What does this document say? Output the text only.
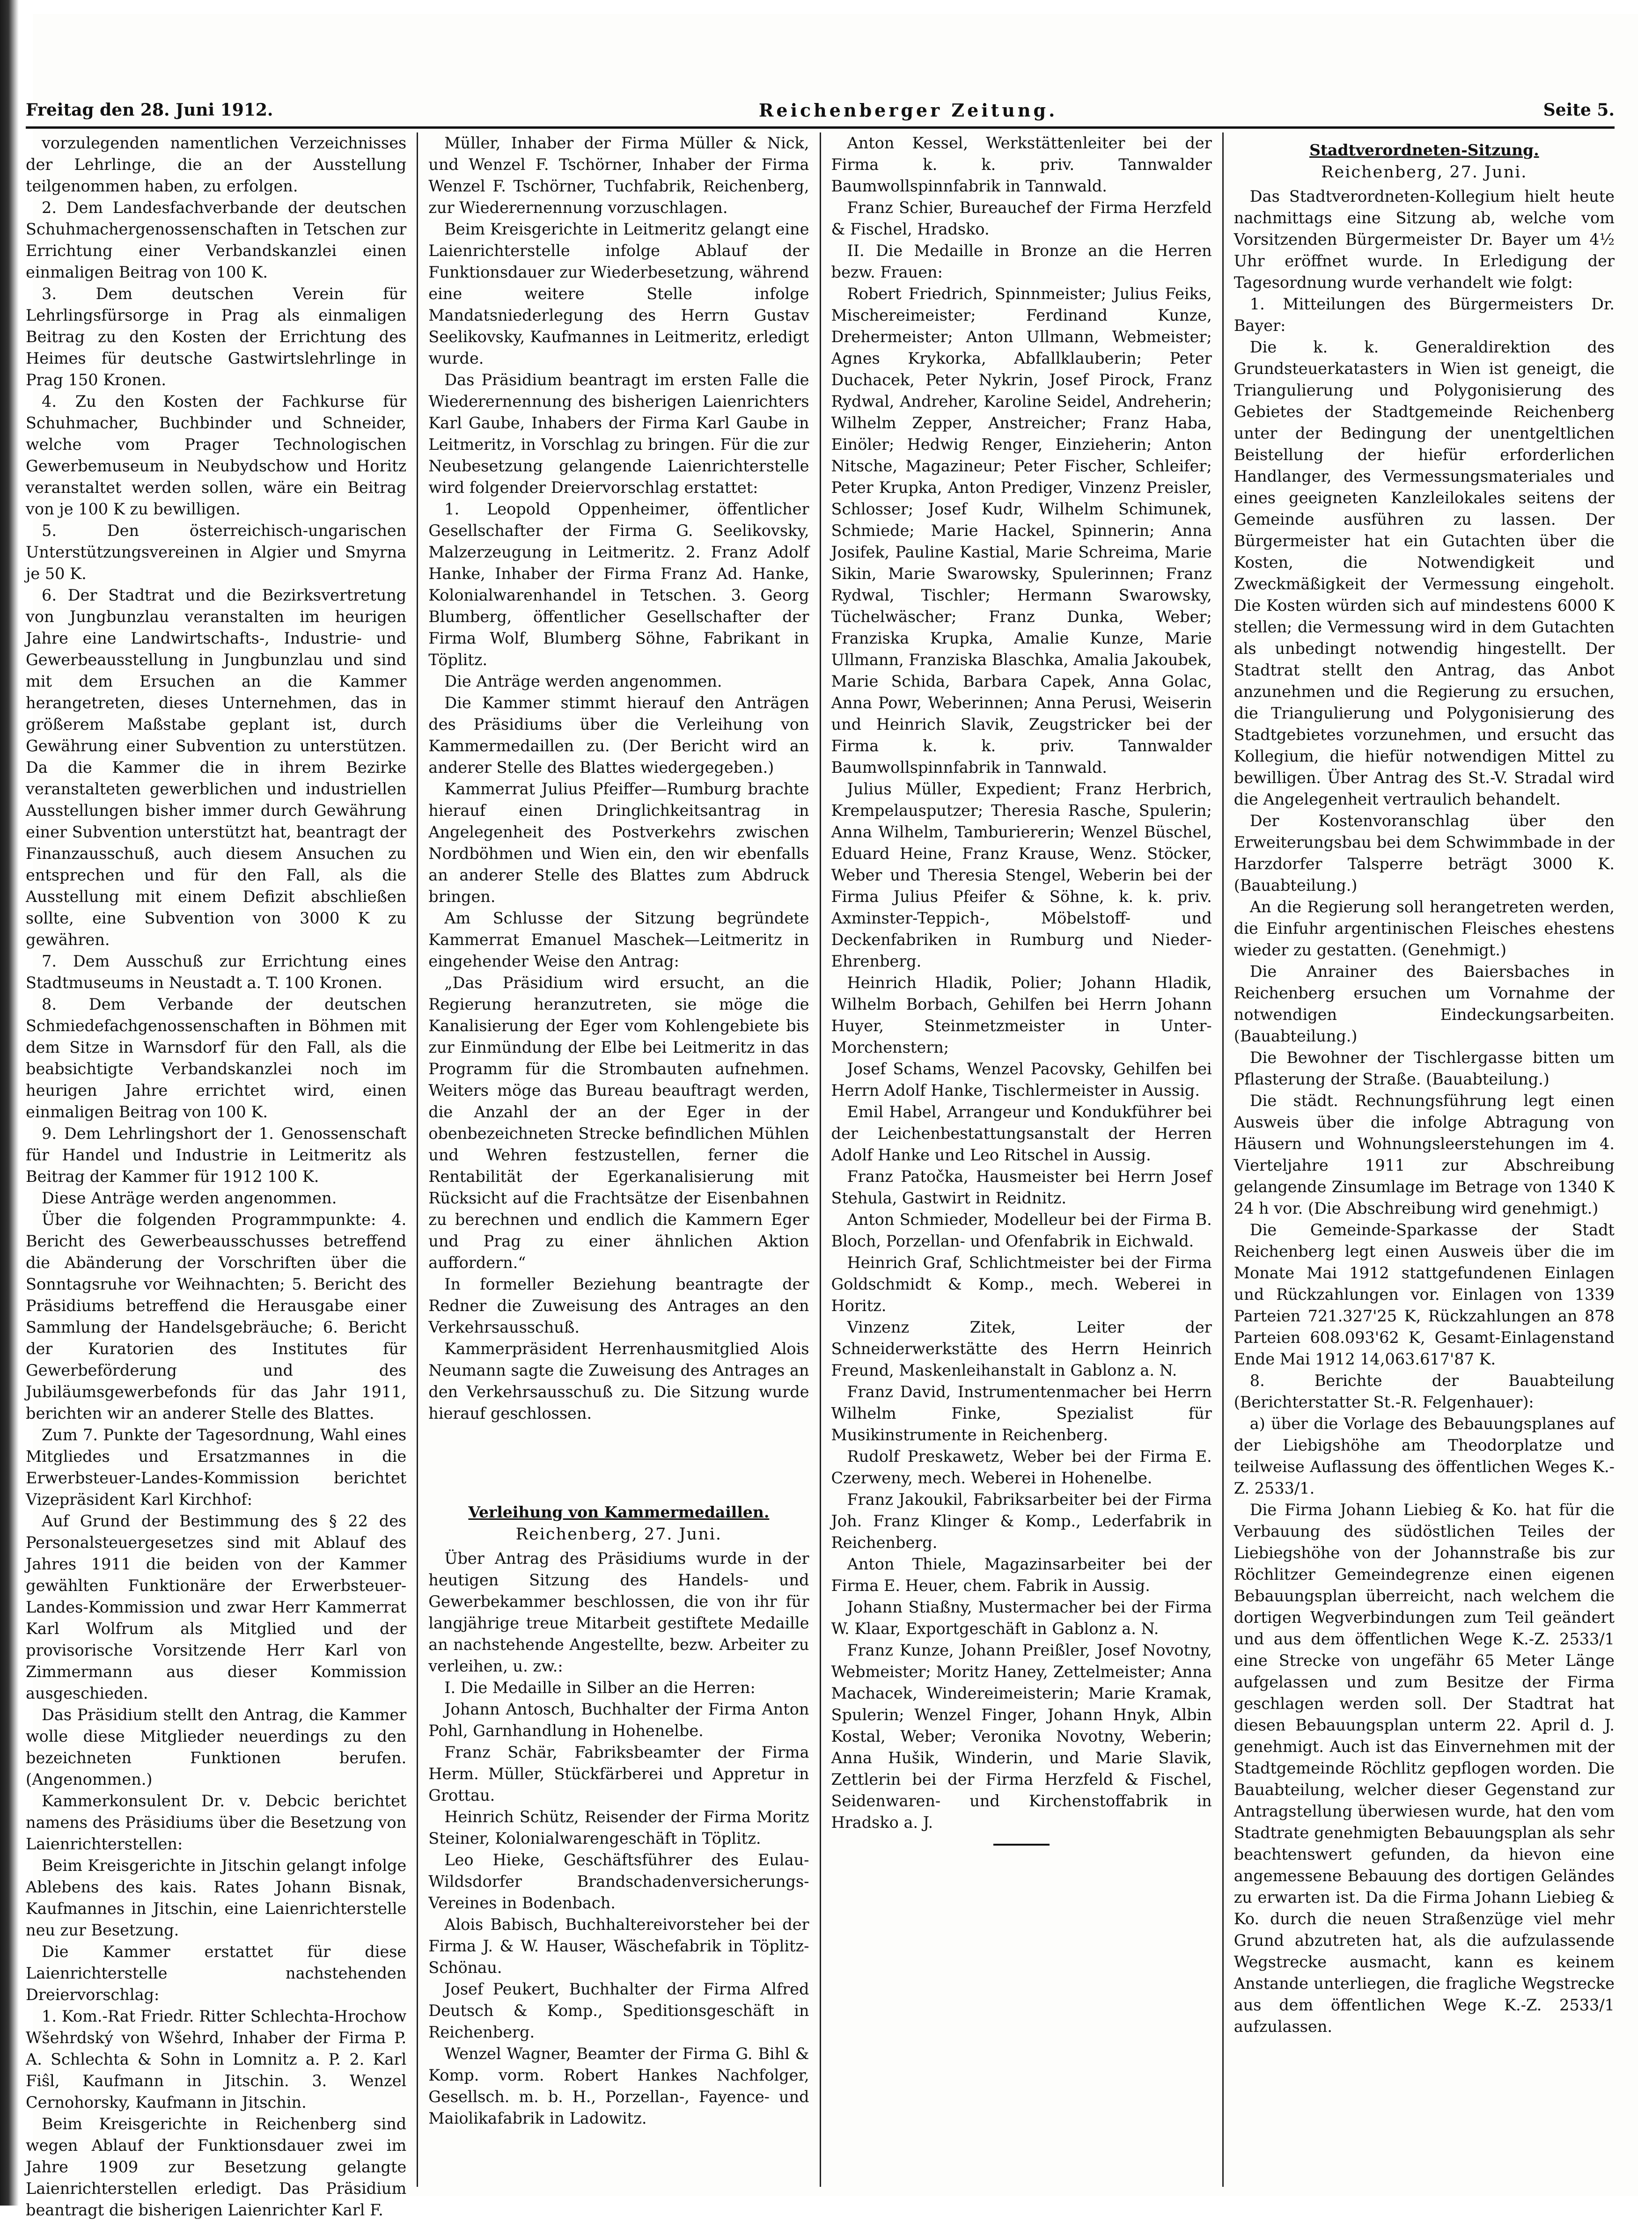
Freitag den 28. Juni 1912.	Reichenberger Zeitung.	Seite 5.

vorzulegenden namentlichen Verzeichnisses der Lehrlinge, die an der Ausstellung teilgenommen haben, zu erfolgen.

2. Dem Landesfachverbande der deutschen Schuhmachergenossenschaften in Tetschen zur Errichtung einer Verbandskanzlei einen einmaligen Beitrag von 100 K.

3. Dem deutschen Verein für Lehrlingsfürsorge in Prag als einmaligen Beitrag zu den Kosten der Errichtung des Heimes für deutsche Gastwirtslehrlinge in Prag 150 Kronen.

4. Zu den Kosten der Fachkurse für Schuhmacher, Buchbinder und Schneider, welche vom Prager Technologischen Gewerbemuseum in Neubydschow und Horitz veranstaltet werden sollen, wäre ein Beitrag von je 100 K zu bewilligen.

5. Den österreichisch-ungarischen Unterstützungsvereinen in Algier und Smyrna je 50 K.

6. Der Stadtrat und die Bezirksvertretung von Jungbunzlau veranstalten im heurigen Jahre eine Landwirtschafts-, Industrie- und Gewerbeausstellung in Jungbunzlau und sind mit dem Ersuchen an die Kammer herangetreten, dieses Unternehmen, das in größerem Maßstabe geplant ist, durch Gewährung einer Subvention zu unterstützen. Da die Kammer die in ihrem Bezirke veranstalteten gewerblichen und industriellen Ausstellungen bisher immer durch Gewährung einer Subvention unterstützt hat, beantragt der Finanzausschuß, auch diesem Ansuchen zu entsprechen und für den Fall, als die Ausstellung mit einem Defizit abschließen sollte, eine Subvention von 3000 K zu gewähren.

7. Dem Ausschuß zur Errichtung eines Stadtmuseums in Neustadt a. T. 100 Kronen.

8. Dem Verbande der deutschen Schmiedefachgenossenschaften in Böhmen mit dem Sitze in Warnsdorf für den Fall, als die beabsichtigte Verbandskanzlei noch im heurigen Jahre errichtet wird, einen einmaligen Beitrag von 100 K.

9. Dem Lehrlingshort der 1. Genossenschaft für Handel und Industrie in Leitmeritz als Beitrag der Kammer für 1912 100 K.

Diese Anträge werden angenommen.

Über die folgenden Programmpunkte: 4. Bericht des Gewerbeausschusses betreffend die Abänderung der Vorschriften über die Sonntagsruhe vor Weihnachten; 5. Bericht des Präsidiums betreffend die Herausgabe einer Sammlung der Handelsgebräuche; 6. Bericht der Kuratorien des Institutes für Gewerbeförderung und des Jubiläumsgewerbefonds für das Jahr 1911, berichten wir an anderer Stelle des Blattes.

Zum 7. Punkte der Tagesordnung, Wahl eines Mitgliedes und Ersatzmannes in die Erwerbsteuer-Landes-Kommission berichtet Vizepräsident Karl Kirchhof:

Auf Grund der Bestimmung des § 22 des Personalsteuergesetzes sind mit Ablauf des Jahres 1911 die beiden von der Kammer gewählten Funktionäre der Erwerbsteuer-Landes-Kommission und zwar Herr Kammerrat Karl Wolfrum als Mitglied und der provisorische Vorsitzende Herr Karl von Zimmermann aus dieser Kommission ausgeschieden.

Das Präsidium stellt den Antrag, die Kammer wolle diese Mitglieder neuerdings zu den bezeichneten Funktionen berufen. (Angenommen.)

Kammerkonsulent Dr. v. Debcic berichtet namens des Präsidiums über die Besetzung von Laienrichterstellen:

Beim Kreisgerichte in Jitschin gelangt infolge Ablebens des kais. Rates Johann Bisnak, Kaufmannes in Jitschin, eine Laienrichterstelle neu zur Besetzung.

Die Kammer erstattet für diese Laienrichterstelle nachstehenden Dreiervorschlag:

1. Kom.-Rat Friedr. Ritter Schlechta-Hrochow Wšehrdský von Wšehrd, Inhaber der Firma P. A. Schlechta & Sohn in Lomnitz a. P. 2. Karl Fiŝl, Kaufmann in Jitschin. 3. Wenzel Cernohorsky, Kaufmann in Jitschin.

Beim Kreisgerichte in Reichenberg sind wegen Ablauf der Funktionsdauer zwei im Jahre 1909 zur Besetzung gelangte Laienrichterstellen erledigt. Das Präsidium beantragt die bisherigen Laienrichter Karl F.

Müller, Inhaber der Firma Müller & Nick, und Wenzel F. Tschörner, Inhaber der Firma Wenzel F. Tschörner, Tuchfabrik, Reichenberg, zur Wiederernennung vorzuschlagen.

Beim Kreisgerichte in Leitmeritz gelangt eine Laienrichterstelle infolge Ablauf der Funktionsdauer zur Wiederbesetzung, während eine weitere Stelle infolge Mandatsniederlegung des Herrn Gustav Seelikovsky, Kaufmannes in Leitmeritz, erledigt wurde.

Das Präsidium beantragt im ersten Falle die Wiederernennung des bisherigen Laienrichters Karl Gaube, Inhabers der Firma Karl Gaube in Leitmeritz, in Vorschlag zu bringen. Für die zur Neubesetzung gelangende Laienrichterstelle wird folgender Dreiervorschlag erstattet:

1. Leopold Oppenheimer, öffentlicher Gesellschafter der Firma G. Seelikovsky, Malzerzeugung in Leitmeritz. 2. Franz Adolf Hanke, Inhaber der Firma Franz Ad. Hanke, Kolonialwarenhandel in Tetschen. 3. Georg Blumberg, öffentlicher Gesellschafter der Firma Wolf, Blumberg Söhne, Fabrikant in Töplitz.

Die Anträge werden angenommen.

Die Kammer stimmt hierauf den Anträgen des Präsidiums über die Verleihung von Kammermedaillen zu. (Der Bericht wird an anderer Stelle des Blattes wiedergegeben.)

Kammerrat Julius Pfeiffer—Rumburg brachte hierauf einen Dringlichkeitsantrag in Angelegenheit des Postverkehrs zwischen Nordböhmen und Wien ein, den wir ebenfalls an anderer Stelle des Blattes zum Abdruck bringen.

Am Schlusse der Sitzung begründete Kammerrat Emanuel Maschek—Leitmeritz in eingehender Weise den Antrag:

„Das Präsidium wird ersucht, an die Regierung heranzutreten, sie möge die Kanalisierung der Eger vom Kohlengebiete bis zur Einmündung der Elbe bei Leitmeritz in das Programm für die Strombauten aufnehmen. Weiters möge das Bureau beauftragt werden, die Anzahl der an der Eger in der obenbezeichneten Strecke befindlichen Mühlen und Wehren festzustellen, ferner die Rentabilität der Egerkanalisierung mit Rücksicht auf die Frachtsätze der Eisenbahnen zu berechnen und endlich die Kammern Eger und Prag zu einer ähnlichen Aktion auffordern.“

In formeller Beziehung beantragte der Redner die Zuweisung des Antrages an den Verkehrsausschuß.

Kammerpräsident Herrenhausmitglied Alois Neumann sagte die Zuweisung des Antrages an den Verkehrsausschuß zu. Die Sitzung wurde hierauf geschlossen.

Verleihung von Kammermedaillen.
Reichenberg, 27. Juni.

Über Antrag des Präsidiums wurde in der heutigen Sitzung des Handels- und Gewerbekammer beschlossen, die von ihr für langjährige treue Mitarbeit gestiftete Medaille an nachstehende Angestellte, bezw. Arbeiter zu verleihen, u. zw.:

I. Die Medaille in Silber an die Herren:

Johann Antosch, Buchhalter der Firma Anton Pohl, Garnhandlung in Hohenelbe.

Franz Schär, Fabriksbeamter der Firma Herm. Müller, Stückfärberei und Appretur in Grottau.

Heinrich Schütz, Reisender der Firma Moritz Steiner, Kolonialwarengeschäft in Töplitz.

Leo Hieke, Geschäftsführer des Eulau-Wildsdorfer Brandschadenversicherungs-Vereines in Bodenbach.

Alois Babisch, Buchhaltereivorsteher bei der Firma J. & W. Hauser, Wäschefabrik in Töplitz-Schönau.

Josef Peukert, Buchhalter der Firma Alfred Deutsch & Komp., Speditionsgeschäft in Reichenberg.

Wenzel Wagner, Beamter der Firma G. Bihl & Komp. vorm. Robert Hankes Nachfolger, Gesellsch. m. b. H., Porzellan-, Fayence- und Maiolikafabrik in Ladowitz.

Anton Kessel, Werkstättenleiter bei der Firma k. k. priv. Tannwalder Baumwollspinnfabrik in Tannwald.

Franz Schier, Bureauchef der Firma Herzfeld & Fischel, Hradsko.

II. Die Medaille in Bronze an die Herren bezw. Frauen:

Robert Friedrich, Spinnmeister; Julius Feiks, Mischereimeister; Ferdinand Kunze, Drehermeister; Anton Ullmann, Webmeister; Agnes Krykorka, Abfallklauberin; Peter Duchacek, Peter Nykrin, Josef Pirock, Franz Rydwal, Andreher, Karoline Seidel, Andreherin; Wilhelm Zepper, Anstreicher; Franz Haba, Einöler; Hedwig Renger, Einzieherin; Anton Nitsche, Magazineur; Peter Fischer, Schleifer; Peter Krupka, Anton Prediger, Vinzenz Preisler, Schlosser; Josef Kudr, Wilhelm Schimunek, Schmiede; Marie Hackel, Spinnerin; Anna Josifek, Pauline Kastial, Marie Schreima, Marie Sikin, Marie Swarowsky, Spulerinnen; Franz Rydwal, Tischler; Hermann Swarowsky, Tüchelwäscher; Franz Dunka, Weber; Franziska Krupka, Amalie Kunze, Marie Ullmann, Franziska Blaschka, Amalia Jakoubek, Marie Schida, Barbara Capek, Anna Golac, Anna Powr, Weberinnen; Anna Perusi, Weiserin und Heinrich Slavik, Zeugstricker bei der Firma k. k. priv. Tannwalder Baumwollspinnfabrik in Tannwald.

Julius Müller, Expedient; Franz Herbrich, Krempelausputzer; Theresia Rasche, Spulerin; Anna Wilhelm, Tamburiererin; Wenzel Büschel, Eduard Heine, Franz Krause, Wenz. Stöcker, Weber und Theresia Stengel, Weberin bei der Firma Julius Pfeifer & Söhne, k. k. priv. Axminster-Teppich-, Möbelstoff- und Deckenfabriken in Rumburg und Nieder-Ehrenberg.

Heinrich Hladik, Polier; Johann Hladik, Wilhelm Borbach, Gehilfen bei Herrn Johann Huyer, Steinmetzmeister in Unter-Morchenstern;

Josef Schams, Wenzel Pacovsky, Gehilfen bei Herrn Adolf Hanke, Tischlermeister in Aussig.

Emil Habel, Arrangeur und Kondukführer bei der Leichenbestattungsanstalt der Herren Adolf Hanke und Leo Ritschel in Aussig.

Franz Patočka, Hausmeister bei Herrn Josef Stehula, Gastwirt in Reidnitz.

Anton Schmieder, Modelleur bei der Firma B. Bloch, Porzellan- und Ofenfabrik in Eichwald.

Heinrich Graf, Schlichtmeister bei der Firma Goldschmidt & Komp., mech. Weberei in Horitz.

Vinzenz Zitek, Leiter der Schneiderwerkstätte des Herrn Heinrich Freund, Maskenleihanstalt in Gablonz a. N.

Franz David, Instrumentenmacher bei Herrn Wilhelm Finke, Spezialist für Musikinstrumente in Reichenberg.

Rudolf Preskawetz, Weber bei der Firma E. Czerweny, mech. Weberei in Hohenelbe.

Franz Jakoukil, Fabriksarbeiter bei der Firma Joh. Franz Klinger & Komp., Lederfabrik in Reichenberg.

Anton Thiele, Magazinsarbeiter bei der Firma E. Heuer, chem. Fabrik in Aussig.

Johann Stiaßny, Mustermacher bei der Firma W. Klaar, Exportgeschäft in Gablonz a. N.

Franz Kunze, Johann Preißler, Josef Novotny, Webmeister; Moritz Haney, Zettelmeister; Anna Machacek, Windereimeisterin; Marie Kramak, Spulerin; Wenzel Finger, Johann Hnyk, Albin Kostal, Weber; Veronika Novotny, Weberin; Anna Hušik, Winderin, und Marie Slavik, Zettlerin bei der Firma Herzfeld & Fischel, Seidenwaren- und Kirchenstoffabrik in Hradsko a. J.

Stadtverordneten-Sitzung.
Reichenberg, 27. Juni.

Das Stadtverordneten-Kollegium hielt heute nachmittags eine Sitzung ab, welche vom Vorsitzenden Bürgermeister Dr. Bayer um 4½ Uhr eröffnet wurde. In Erledigung der Tagesordnung wurde verhandelt wie folgt:

1. Mitteilungen des Bürgermeisters Dr. Bayer:

Die k. k. Generaldirektion des Grundsteuerkatasters in Wien ist geneigt, die Triangulierung und Polygonisierung des Gebietes der Stadtgemeinde Reichenberg unter der Bedingung der unentgeltlichen Beistellung der hiefür erforderlichen Handlanger, des Vermessungsmateriales und eines geeigneten Kanzleilokales seitens der Gemeinde ausführen zu lassen. Der Bürgermeister hat ein Gutachten über die Kosten, die Notwendigkeit und Zweckmäßigkeit der Vermessung eingeholt. Die Kosten würden sich auf mindestens 6000 K stellen; die Vermessung wird in dem Gutachten als unbedingt notwendig hingestellt. Der Stadtrat stellt den Antrag, das Anbot anzunehmen und die Regierung zu ersuchen, die Triangulierung und Polygonisierung des Stadtgebietes vorzunehmen, und ersucht das Kollegium, die hiefür notwendigen Mittel zu bewilligen. Über Antrag des St.-V. Stradal wird die Angelegenheit vertraulich behandelt.

Der Kostenvoranschlag über den Erweiterungsbau bei dem Schwimmbade in der Harzdorfer Talsperre beträgt 3000 K. (Bauabteilung.)

An die Regierung soll herangetreten werden, die Einfuhr argentinischen Fleisches ehestens wieder zu gestatten. (Genehmigt.)

Die Anrainer des Baiersbaches in Reichenberg ersuchen um Vornahme der notwendigen Eindeckungsarbeiten. (Bauabteilung.)

Die Bewohner der Tischlergasse bitten um Pflasterung der Straße. (Bauabteilung.)

Die städt. Rechnungsführung legt einen Ausweis über die infolge Abtragung von Häusern und Wohnungsleerstehungen im 4. Vierteljahre 1911 zur Abschreibung gelangende Zinsumlage im Betrage von 1340 K 24 h vor. (Die Abschreibung wird genehmigt.)

Die Gemeinde-Sparkasse der Stadt Reichenberg legt einen Ausweis über die im Monate Mai 1912 stattgefundenen Einlagen und Rückzahlungen vor. Einlagen von 1339 Parteien 721.327'25 K, Rückzahlungen an 878 Parteien 608.093'62 K, Gesamt-Einlagenstand Ende Mai 1912 14,063.617'87 K.

8. Berichte der Bauabteilung (Berichterstatter St.-R. Felgenhauer):

a) über die Vorlage des Bebauungsplanes auf der Liebigshöhe am Theodorplatze und teilweise Auflassung des öffentlichen Weges K.-Z. 2533/1.

Die Firma Johann Liebieg & Ko. hat für die Verbauung des südöstlichen Teiles der Liebiegshöhe von der Johannstraße bis zur Röchlitzer Gemeindegrenze einen eigenen Bebauungsplan überreicht, nach welchem die dortigen Wegverbindungen zum Teil geändert und aus dem öffentlichen Wege K.-Z. 2533/1 eine Strecke von ungefähr 65 Meter Länge aufgelassen und zum Besitze der Firma geschlagen werden soll. Der Stadtrat hat diesen Bebauungsplan unterm 22. April d. J. genehmigt. Auch ist das Einvernehmen mit der Stadtgemeinde Röchlitz gepflogen worden. Die Bauabteilung, welcher dieser Gegenstand zur Antragstellung überwiesen wurde, hat den vom Stadtrate genehmigten Bebauungsplan als sehr beachtenswert gefunden, da hievon eine angemessene Bebauung des dortigen Geländes zu erwarten ist. Da die Firma Johann Liebieg & Ko. durch die neuen Straßenzüge viel mehr Grund abzutreten hat, als die aufzulassende Wegstrecke ausmacht, kann es keinem Anstande unterliegen, die fragliche Wegstrecke aus dem öffentlichen Wege K.-Z. 2533/1 aufzulassen.
